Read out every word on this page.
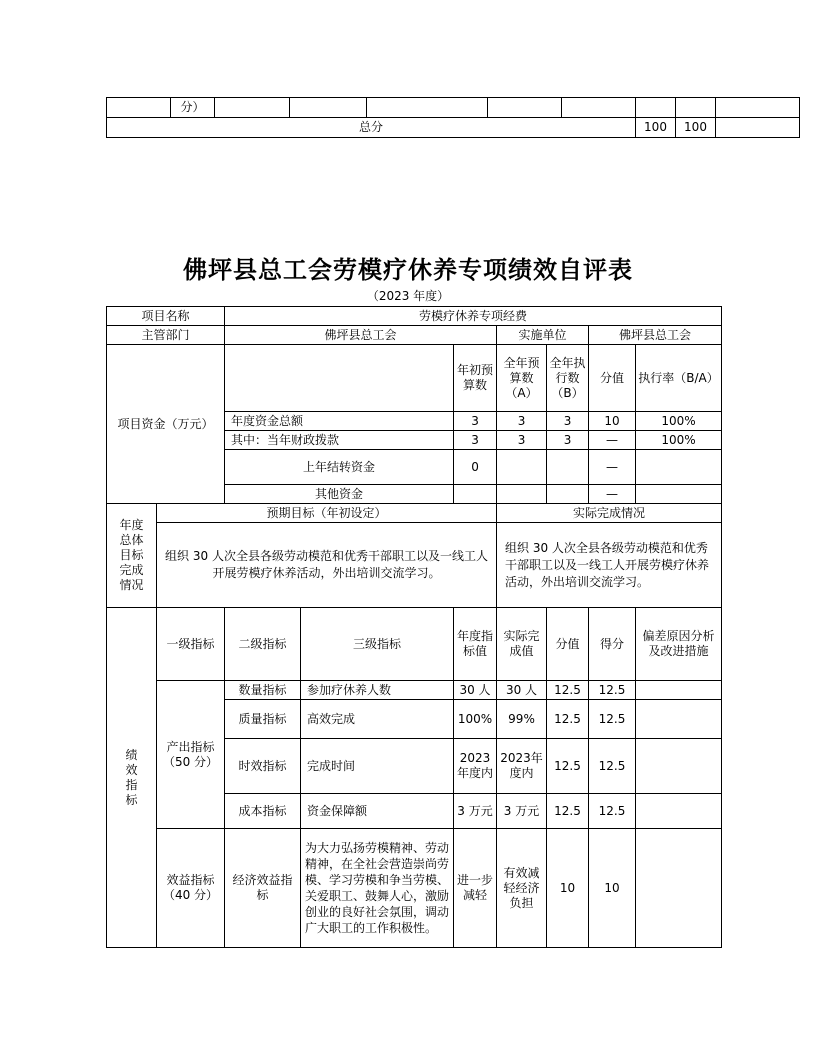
	分）								
总分							100	100	
佛坪县总工会劳模疗休养专项绩效自评表
（2023 年度）
项目名称		劳模疗休养专项经费						
主管部门		佛坪县总工会			实施单位		佛坪县总工会	
项目资金（万元）				年初预算数	全年预算数（A）	全年执行数（B）	分值	执行率（B/A）
		年度资金总额		3	3	3	10	100%
		其中：当年财政拨款		3	3	3	—	100%
		上年结转资金		0			—	
		其他资金					—	
年度总体目标完成情况	预期目标（年初设定）				实际完成情况			
	组织 30 人次全县各级劳动模范和优秀干部职工以及一线工人开展劳模疗休养活动，外出培训交流学习。				组织 30 人次全县各级劳动模范和优秀干部职工以及一线工人开展劳模疗休养活动，外出培训交流学习。			
绩效指标	一级指标	二级指标	三级指标	年度指标值	实际完成值	分值	得分	偏差原因分析及改进措施
	产出指标（50 分）	数量指标	参加疗休养人数	30 人	30 人	12.5	12.5	
		质量指标	高效完成	100%	99%	12.5	12.5	
		时效指标	完成时间	2023年度内	2023年度内	12.5	12.5	
		成本指标	资金保障额	3 万元	3 万元	12.5	12.5	
	效益指标（40 分）	经济效益指标	为大力弘扬劳模精神、劳动精神，在全社会营造崇尚劳模、学习劳模和争当劳模、关爱职工、鼓舞人心，激励创业的良好社会氛围，调动广大职工的工作积极性。	进一步减轻	有效减轻经济负担	10	10	
